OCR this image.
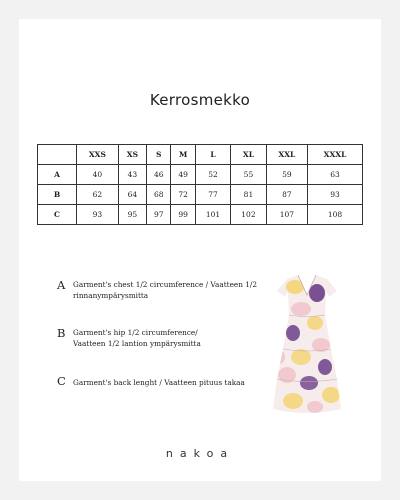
Kerrosmekko
	XXS	XS	S	M	L	XL	XXL	XXXL
A	40	43	46	49	52	55	59	63
B	62	64	68	72	77	81	87	93
C	93	95	97	99	101	102	107	108
A	Garment's chest 1/2 circumference / Vaatteen 1/2
rinnanympärysmitta
B	Garment's hip 1/2 circumference/
Vaatteen 1/2 lantion ympärysmitta
C Garment's back lenght / Vaatteen pituus takaa
nakoa
